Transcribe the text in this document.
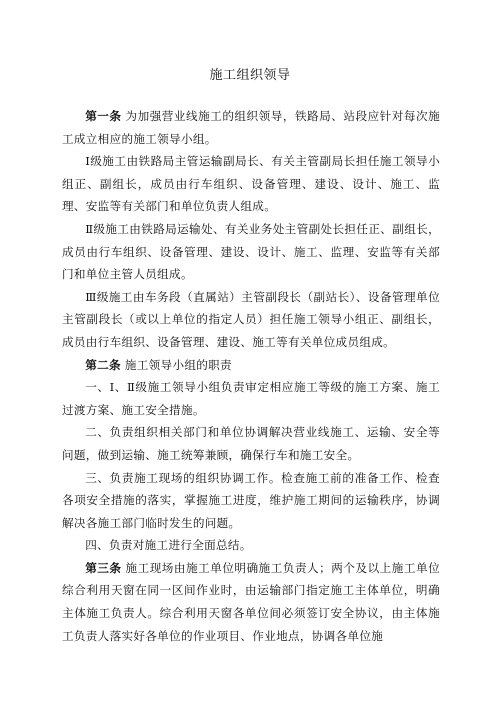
施工组织领导

第一条 为加强营业线施工的组织领导，铁路局、站段应针对每次施工成立相应的施工领导小组。

Ⅰ级施工由铁路局主管运输副局长、有关主管副局长担任施工领导小组正、副组长，成员由行车组织、设备管理、建设、设计、施工、监理、安监等有关部门和单位负责人组成。

Ⅱ级施工由铁路局运输处、有关业务处主管副处长担任正、副组长，成员由行车组织、设备管理、建设、设计、施工、监理、安监等有关部门和单位主管人员组成。

Ⅲ级施工由车务段（直属站）主管副段长（副站长）、设备管理单位主管副段长（或以上单位的指定人员）担任施工领导小组正、副组长，成员由行车组织、设备管理、建设、施工等有关单位成员组成。

第二条 施工领导小组的职责

一、Ⅰ、Ⅱ级施工领导小组负责审定相应施工等级的施工方案、施工过渡方案、施工安全措施。

二、负责组织相关部门和单位协调解决营业线施工、运输、安全等问题，做到运输、施工统筹兼顾，确保行车和施工安全。

三、负责施工现场的组织协调工作。检查施工前的准备工作、检查各项安全措施的落实，掌握施工进度，维护施工期间的运输秩序，协调解决各施工部门临时发生的问题。

四、负责对施工进行全面总结。

第三条 施工现场由施工单位明确施工负责人；两个及以上施工单位综合利用天窗在同一区间作业时，由运输部门指定施工主体单位，明确主体施工负责人。综合利用天窗各单位间必须签订安全协议，由主体施工负责人落实好各单位的作业项目、作业地点，协调各单位施
